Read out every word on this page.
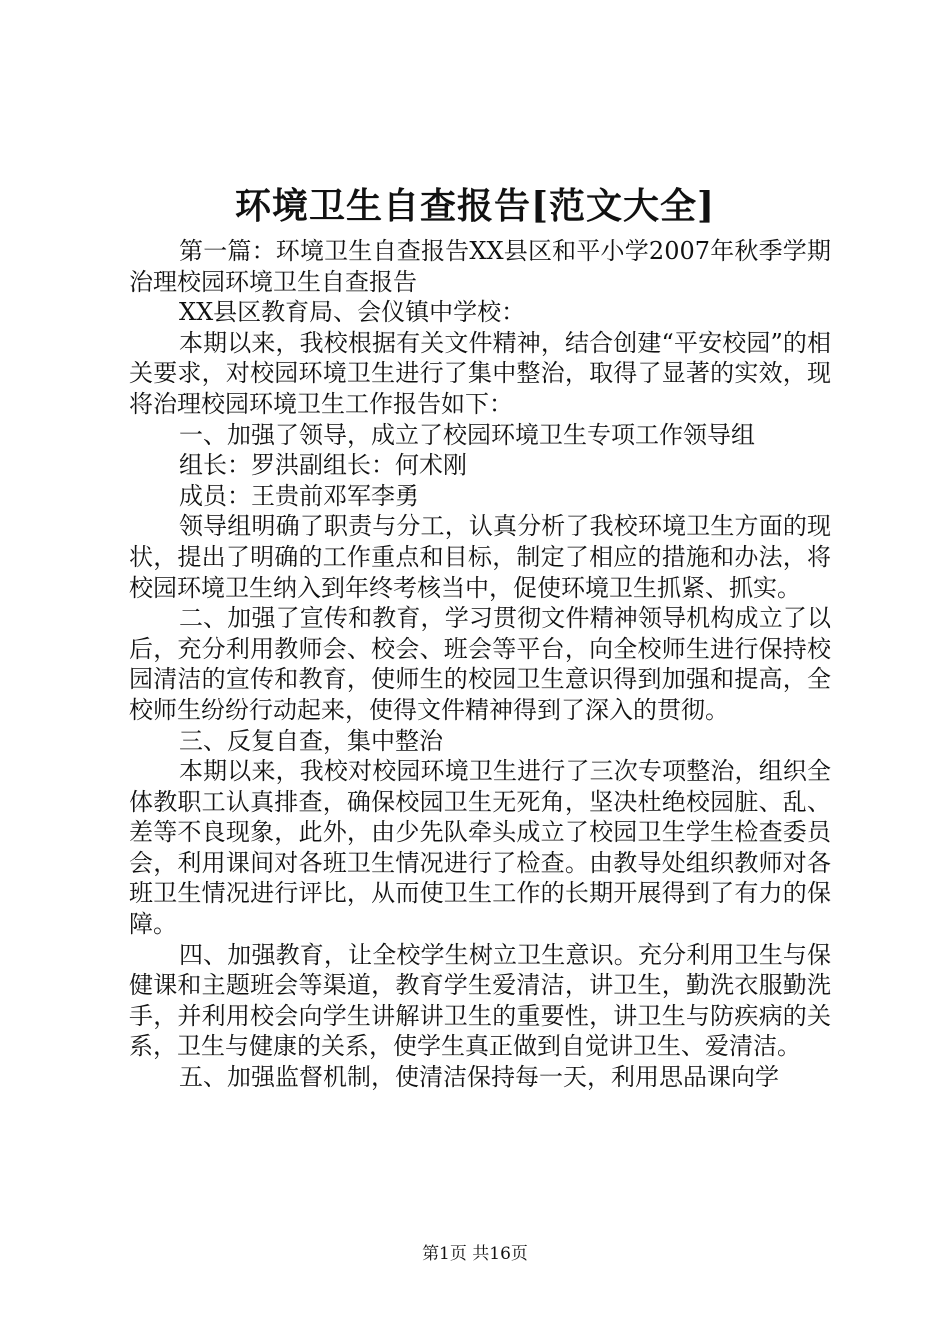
环境卫生自查报告[范文大全]

第一篇：环境卫生自查报告XX县区和平小学2007年秋季学期治理校园环境卫生自查报告

XX县区教育局、会仪镇中学校：

本期以来，我校根据有关文件精神，结合创建“平安校园”的相关要求，对校园环境卫生进行了集中整治，取得了显著的实效，现将治理校园环境卫生工作报告如下：

一、加强了领导，成立了校园环境卫生专项工作领导组

组长：罗洪副组长：何术刚

成员：王贵前邓军李勇

领导组明确了职责与分工，认真分析了我校环境卫生方面的现状，提出了明确的工作重点和目标，制定了相应的措施和办法，将校园环境卫生纳入到年终考核当中，促使环境卫生抓紧、抓实。

二、加强了宣传和教育，学习贯彻文件精神领导机构成立了以后，充分利用教师会、校会、班会等平台，向全校师生进行保持校园清洁的宣传和教育，使师生的校园卫生意识得到加强和提高，全校师生纷纷行动起来，使得文件精神得到了深入的贯彻。

三、反复自查，集中整治

本期以来，我校对校园环境卫生进行了三次专项整治，组织全体教职工认真排查，确保校园卫生无死角，坚决杜绝校园脏、乱、差等不良现象，此外，由少先队牵头成立了校园卫生学生检查委员会，利用课间对各班卫生情况进行了检查。由教导处组织教师对各班卫生情况进行评比，从而使卫生工作的长期开展得到了有力的保障。

四、加强教育，让全校学生树立卫生意识。充分利用卫生与保健课和主题班会等渠道，教育学生爱清洁，讲卫生，勤洗衣服勤洗手，并利用校会向学生讲解讲卫生的重要性，讲卫生与防疾病的关系，卫生与健康的关系，使学生真正做到自觉讲卫生、爱清洁。

五、加强监督机制，使清洁保持每一天，利用思品课向学

第1页 共16页
